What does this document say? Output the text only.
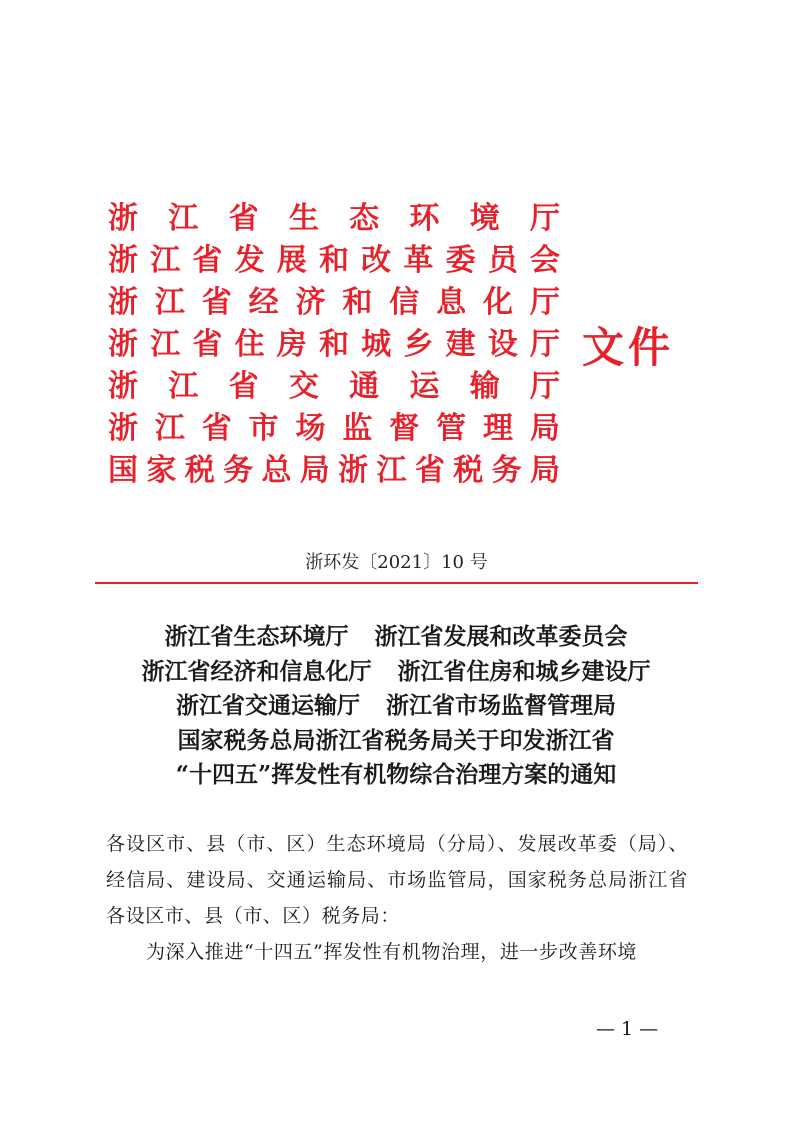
浙 江 省 生 态 环 境 厅
浙 江 省 发 展 和 改 革 委 员 会
浙 江 省 经 济 和 信 息 化 厅
浙 江 省 住 房 和 城 乡 建 设 厅
浙 江 省 交 通 运 输 厅
浙 江 省 市 场 监 督 管 理 局
国 家 税 务 总 局 浙 江 省 税 务 局
文件
浙环发〔2021〕10 号
浙江省生态环境厅 浙江省发展和改革委员会
浙江省经济和信息化厅 浙江省住房和城乡建设厅
浙江省交通运输厅 浙江省市场监督管理局
国家税务总局浙江省税务局关于印发浙江省
“十四五”挥发性有机物综合治理方案的通知

各设区市、县（市、区）生态环境局（分局）、发展改革委（局）、经信局、建设局、交通运输局、市场监管局，国家税务总局浙江省各设区市、县（市、区）税务局：

为深入推进“十四五”挥发性有机物治理，进一步改善环境

— 1 —
